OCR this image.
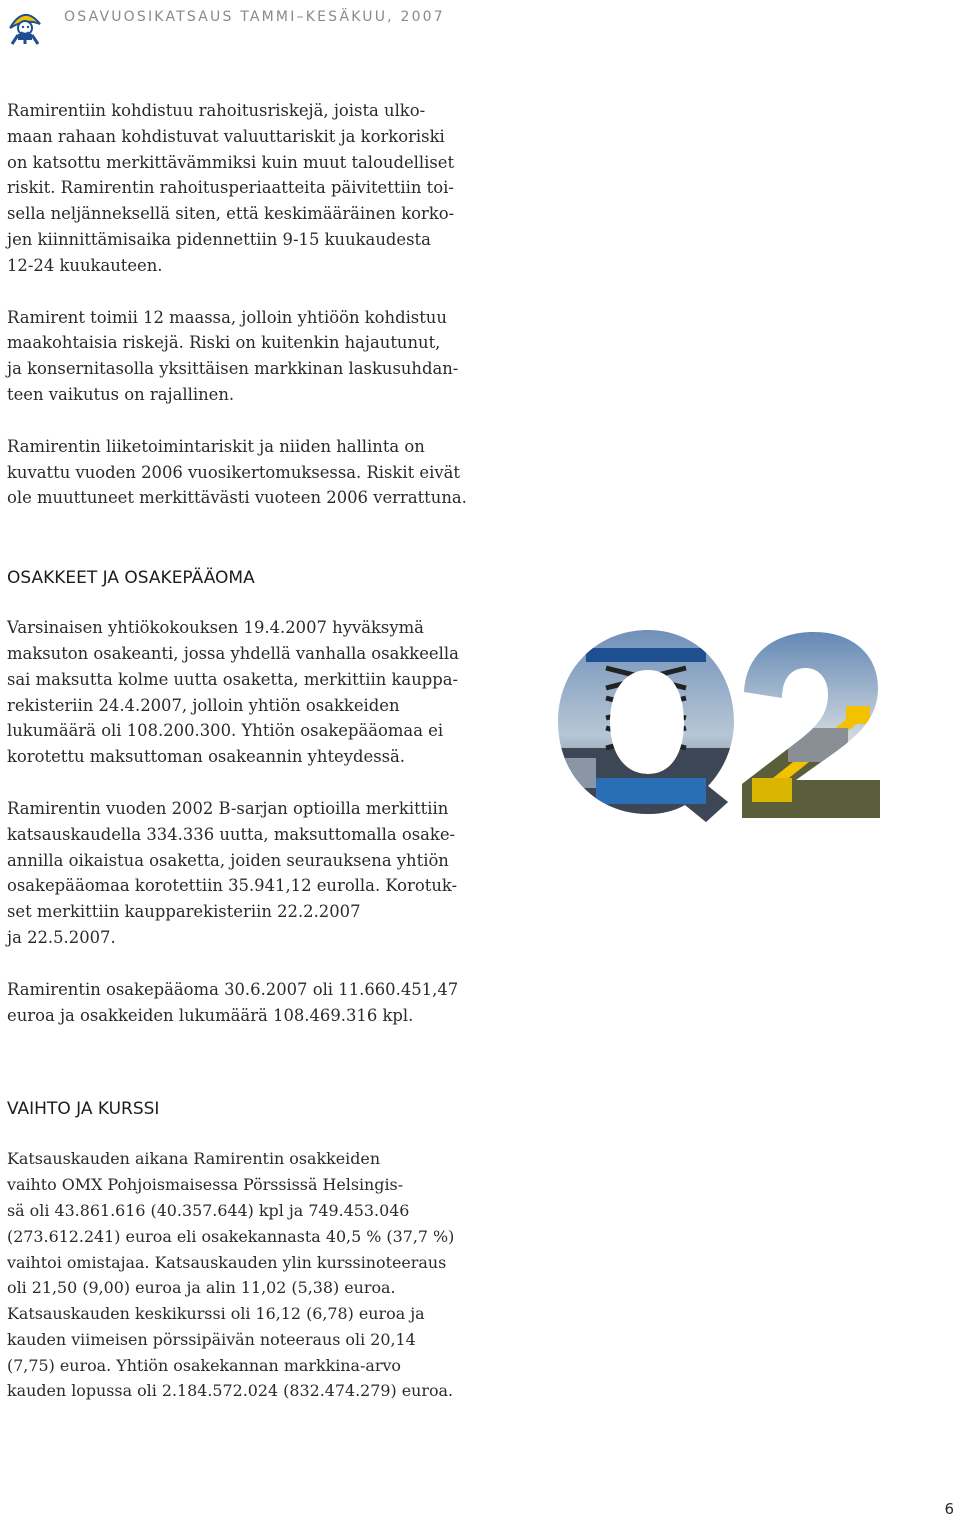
OSAVUOSIKATSAUS TAMMI–KESÄKUU, 2007
Ramirentiin kohdistuu rahoitusriskejä, joista ulko-
maan rahaan kohdistuvat valuuttariskit ja korkoriski
on katsottu merkittävämmiksi kuin muut taloudelliset
riskit. Ramirentin rahoitusperiaatteita päivitettiin toi-
sella neljänneksellä siten, että keskimääräinen korko-
jen kiinnittämisaika pidennettiin 9-15 kuukaudesta
12-24 kuukauteen.
Ramirent toimii 12 maassa, jolloin yhtiöön kohdistuu
maakohtaisia riskejä. Riski on kuitenkin hajautunut,
ja konsernitasolla yksittäisen markkinan laskusuhdan-
teen vaikutus on rajallinen.
Ramirentin liiketoimintariskit ja niiden hallinta on
kuvattu vuoden 2006 vuosikertomuksessa. Riskit eivät
ole muuttuneet merkittävästi vuoteen 2006 verrattuna.
OSAKKEET JA OSAKEPÄÄOMA
Varsinaisen yhtiökokouksen 19.4.2007 hyväksymä
maksuton osakeanti, jossa yhdellä vanhalla osakkeella
sai maksutta kolme uutta osaketta, merkittiin kauppa-
rekisteriin 24.4.2007, jolloin yhtiön osakkeiden
lukumäärä oli 108.200.300. Yhtiön osakepääomaa ei
korotettu maksuttoman osakeannin yhteydessä.
Ramirentin vuoden 2002 B-sarjan optioilla merkittiin
katsauskaudella 334.336 uutta, maksuttomalla osake-
annilla oikaistua osaketta, joiden seurauksena yhtiön
osakepääomaa korotettiin 35.941,12 eurolla. Korotuk-
set merkittiin kaupparekisteriin 22.2.2007
ja 22.5.2007.
Ramirentin osakepääoma 30.6.2007 oli 11.660.451,47
euroa ja osakkeiden lukumäärä 108.469.316 kpl.
VAIHTO JA KURSSI
Katsauskauden aikana Ramirentin osakkeiden
vaihto OMX Pohjoismaisessa Pörssissä Helsingis-
sä oli 43.861.616 (40.357.644) kpl ja 749.453.046
(273.612.241) euroa eli osakekannasta 40,5 % (37,7 %)
vaihtoi omistajaa. Katsauskauden ylin kurssinoteeraus
oli 21,50 (9,00) euroa ja alin 11,02 (5,38) euroa.
Katsauskauden keskikurssi oli 16,12 (6,78) euroa ja
kauden viimeisen pörssipäivän noteeraus oli 20,14
(7,75) euroa. Yhtiön osakekannan markkina-arvo
kauden lopussa oli 2.184.572.024 (832.474.279) euroa.
6
